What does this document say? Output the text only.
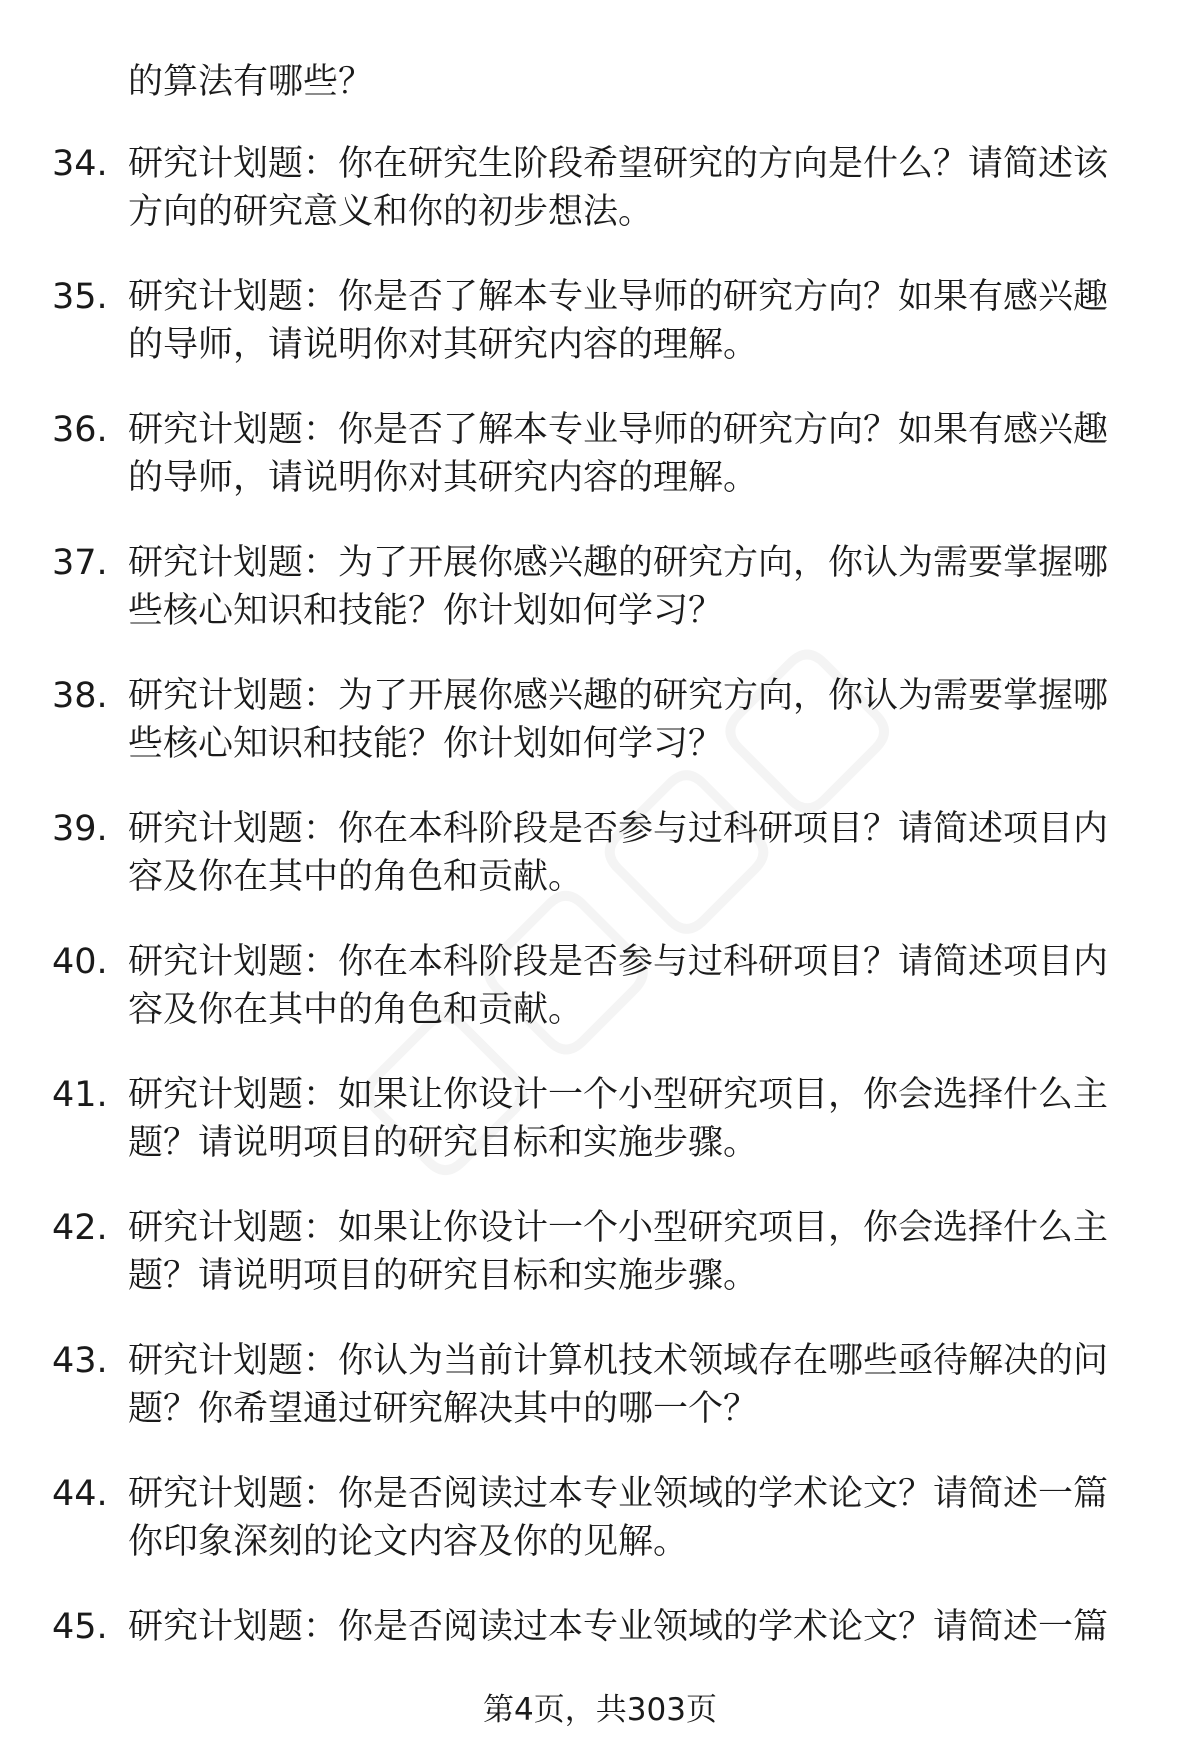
的算法有哪些？
34. 研究计划题：你在研究生阶段希望研究的方向是什么？请简述该
方向的研究意义和你的初步想法。
35. 研究计划题：你是否了解本专业导师的研究方向？如果有感兴趣
的导师，请说明你对其研究内容的理解。
36. 研究计划题：你是否了解本专业导师的研究方向？如果有感兴趣
的导师，请说明你对其研究内容的理解。
37. 研究计划题：为了开展你感兴趣的研究方向，你认为需要掌握哪
些核心知识和技能？你计划如何学习？
38. 研究计划题：为了开展你感兴趣的研究方向，你认为需要掌握哪
些核心知识和技能？你计划如何学习？
39. 研究计划题：你在本科阶段是否参与过科研项目？请简述项目内
容及你在其中的角色和贡献。
40. 研究计划题：你在本科阶段是否参与过科研项目？请简述项目内
容及你在其中的角色和贡献。
41. 研究计划题：如果让你设计一个小型研究项目，你会选择什么主
题？请说明项目的研究目标和实施步骤。
42. 研究计划题：如果让你设计一个小型研究项目，你会选择什么主
题？请说明项目的研究目标和实施步骤。
43. 研究计划题：你认为当前计算机技术领域存在哪些亟待解决的问
题？你希望通过研究解决其中的哪一个？
44. 研究计划题：你是否阅读过本专业领域的学术论文？请简述一篇
你印象深刻的论文内容及你的见解。
45. 研究计划题：你是否阅读过本专业领域的学术论文？请简述一篇
第4页，共303页
